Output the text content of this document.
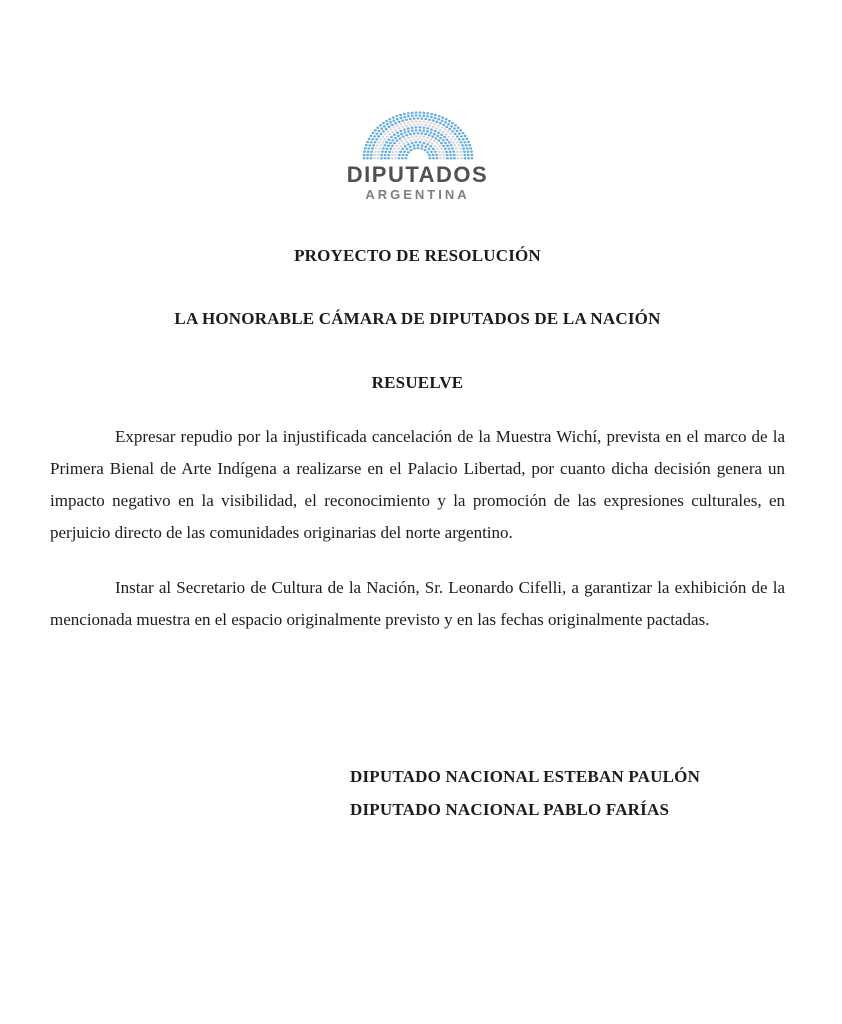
DIPUTADOS
ARGENTINA
PROYECTO DE RESOLUCIÓN
LA HONORABLE CÁMARA DE DIPUTADOS DE LA NACIÓN
RESUELVE

Expresar repudio por la injustificada cancelación de la Muestra Wichí, prevista en el marco de la Primera Bienal de Arte Indígena a realizarse en el Palacio Libertad, por cuanto dicha decisión genera un impacto negativo en la visibilidad, el reconocimiento y la promoción de las expresiones culturales, en perjuicio directo de las comunidades originarias del norte argentino.

Instar al Secretario de Cultura de la Nación, Sr. Leonardo Cifelli, a garantizar la exhibición de la mencionada muestra en el espacio originalmente previsto y en las fechas originalmente pactadas.

DIPUTADO NACIONAL ESTEBAN PAULÓN
DIPUTADO NACIONAL PABLO FARÍAS
